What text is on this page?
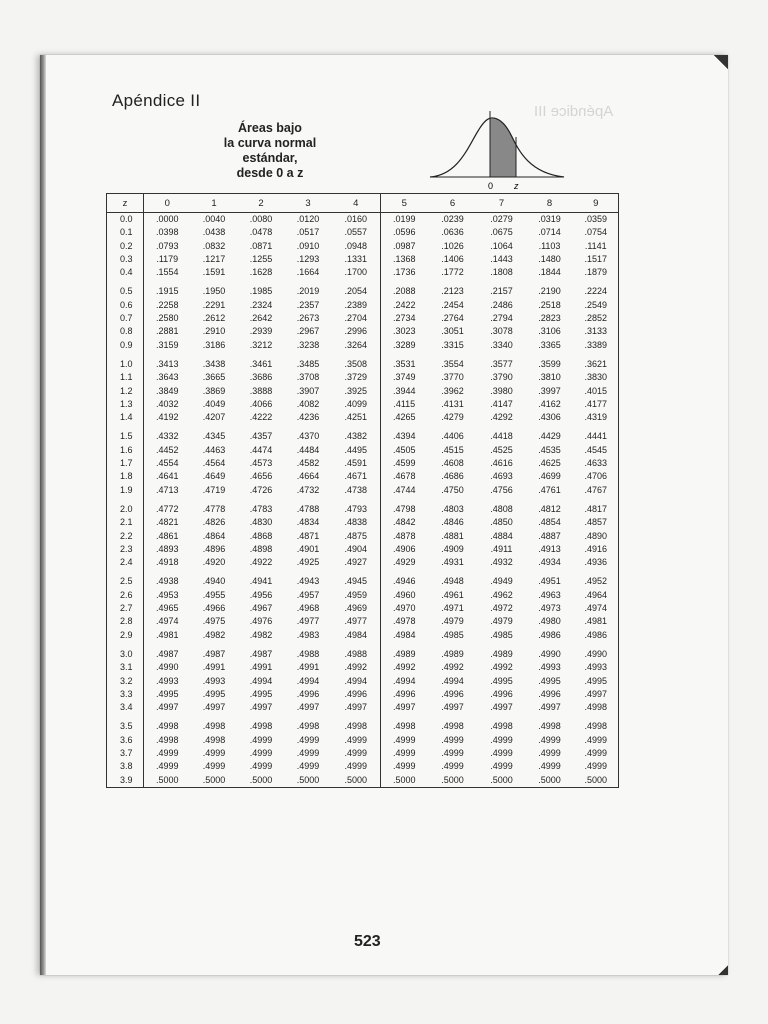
Apéndice II
Apéndice III
Áreas bajo
la curva normal
estándar,
desde 0 a z
0 z
z	0	1	2	3	4	5	6	7	8	9
0.0	.0000	.0040	.0080	.0120	.0160	.0199	.0239	.0279	.0319	.0359
0.1	.0398	.0438	.0478	.0517	.0557	.0596	.0636	.0675	.0714	.0754
0.2	.0793	.0832	.0871	.0910	.0948	.0987	.1026	.1064	.1103	.1141
0.3	.1179	.1217	.1255	.1293	.1331	.1368	.1406	.1443	.1480	.1517
0.4	.1554	.1591	.1628	.1664	.1700	.1736	.1772	.1808	.1844	.1879

0.5	.1915	.1950	.1985	.2019	.2054	.2088	.2123	.2157	.2190	.2224
0.6	.2258	.2291	.2324	.2357	.2389	.2422	.2454	.2486	.2518	.2549
0.7	.2580	.2612	.2642	.2673	.2704	.2734	.2764	.2794	.2823	.2852
0.8	.2881	.2910	.2939	.2967	.2996	.3023	.3051	.3078	.3106	.3133
0.9	.3159	.3186	.3212	.3238	.3264	.3289	.3315	.3340	.3365	.3389

1.0	.3413	.3438	.3461	.3485	.3508	.3531	.3554	.3577	.3599	.3621
1.1	.3643	.3665	.3686	.3708	.3729	.3749	.3770	.3790	.3810	.3830
1.2	.3849	.3869	.3888	.3907	.3925	.3944	.3962	.3980	.3997	.4015
1.3	.4032	.4049	.4066	.4082	.4099	.4115	.4131	.4147	.4162	.4177
1.4	.4192	.4207	.4222	.4236	.4251	.4265	.4279	.4292	.4306	.4319

1.5	.4332	.4345	.4357	.4370	.4382	.4394	.4406	.4418	.4429	.4441
1.6	.4452	.4463	.4474	.4484	.4495	.4505	.4515	.4525	.4535	.4545
1.7	.4554	.4564	.4573	.4582	.4591	.4599	.4608	.4616	.4625	.4633
1.8	.4641	.4649	.4656	.4664	.4671	.4678	.4686	.4693	.4699	.4706
1.9	.4713	.4719	.4726	.4732	.4738	.4744	.4750	.4756	.4761	.4767

2.0	.4772	.4778	.4783	.4788	.4793	.4798	.4803	.4808	.4812	.4817
2.1	.4821	.4826	.4830	.4834	.4838	.4842	.4846	.4850	.4854	.4857
2.2	.4861	.4864	.4868	.4871	.4875	.4878	.4881	.4884	.4887	.4890
2.3	.4893	.4896	.4898	.4901	.4904	.4906	.4909	.4911	.4913	.4916
2.4	.4918	.4920	.4922	.4925	.4927	.4929	.4931	.4932	.4934	.4936

2.5	.4938	.4940	.4941	.4943	.4945	.4946	.4948	.4949	.4951	.4952
2.6	.4953	.4955	.4956	.4957	.4959	.4960	.4961	.4962	.4963	.4964
2.7	.4965	.4966	.4967	.4968	.4969	.4970	.4971	.4972	.4973	.4974
2.8	.4974	.4975	.4976	.4977	.4977	.4978	.4979	.4979	.4980	.4981
2.9	.4981	.4982	.4982	.4983	.4984	.4984	.4985	.4985	.4986	.4986

3.0	.4987	.4987	.4987	.4988	.4988	.4989	.4989	.4989	.4990	.4990
3.1	.4990	.4991	.4991	.4991	.4992	.4992	.4992	.4992	.4993	.4993
3.2	.4993	.4993	.4994	.4994	.4994	.4994	.4994	.4995	.4995	.4995
3.3	.4995	.4995	.4995	.4996	.4996	.4996	.4996	.4996	.4996	.4997
3.4	.4997	.4997	.4997	.4997	.4997	.4997	.4997	.4997	.4997	.4998

3.5	.4998	.4998	.4998	.4998	.4998	.4998	.4998	.4998	.4998	.4998
3.6	.4998	.4998	.4999	.4999	.4999	.4999	.4999	.4999	.4999	.4999
3.7	.4999	.4999	.4999	.4999	.4999	.4999	.4999	.4999	.4999	.4999
3.8	.4999	.4999	.4999	.4999	.4999	.4999	.4999	.4999	.4999	.4999
3.9	.5000	.5000	.5000	.5000	.5000	.5000	.5000	.5000	.5000	.5000
523
